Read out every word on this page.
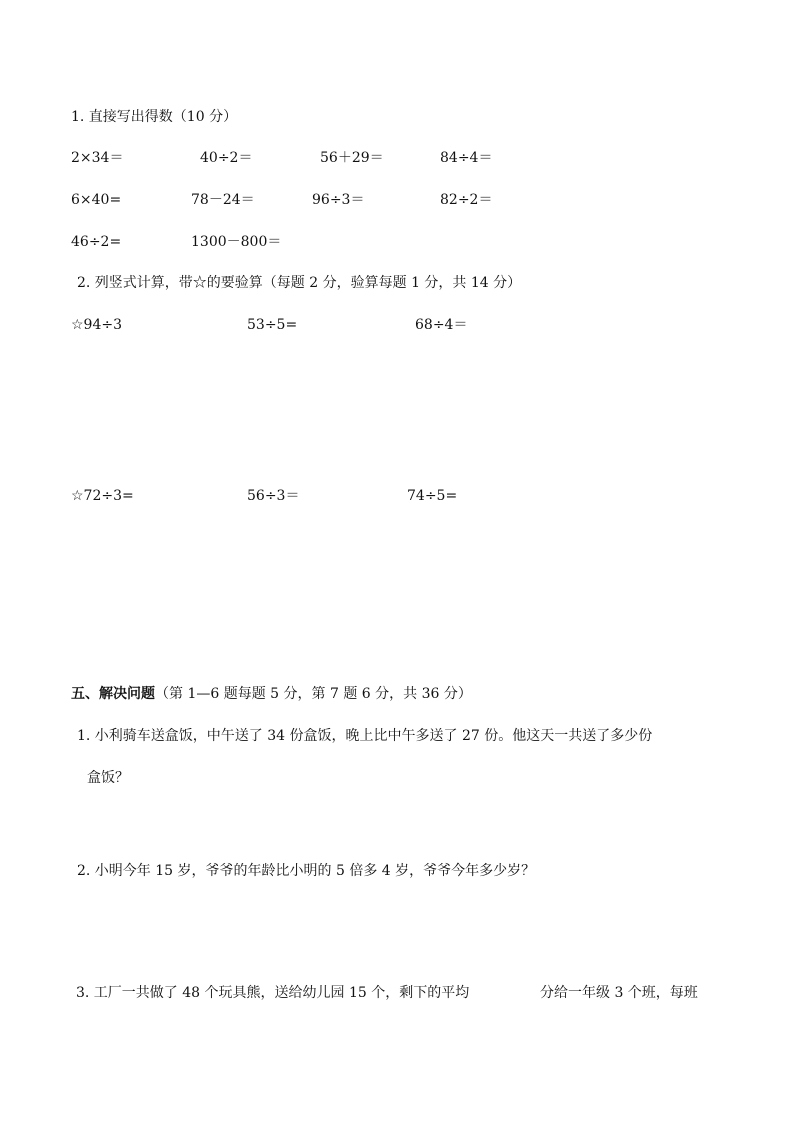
1. 直接写出得数（10 分）
2×34＝	40÷2＝	56＋29＝	84÷4＝
6×40=	78－24＝	96÷3＝	82÷2＝
46÷2=	1300－800＝
2. 列竖式计算，带☆的要验算（每题 2 分，验算每题 1 分，共 14 分）
☆94÷3	53÷5=	68÷4＝
☆72÷3=	56÷3＝	74÷5=
五、解决问题（第 1—6 题每题 5 分，第 7 题 6 分，共 36 分）
1. 小利骑车送盒饭，中午送了 34 份盒饭，晚上比中午多送了 27 份。他这天一共送了多少份
盒饭？
2. 小明今年 15 岁，爷爷的年龄比小明的 5 倍多 4 岁，爷爷今年多少岁？
3. 工厂一共做了 48 个玩具熊，送给幼儿园 15 个，剩下的平均	分给一年级 3 个班，每班
